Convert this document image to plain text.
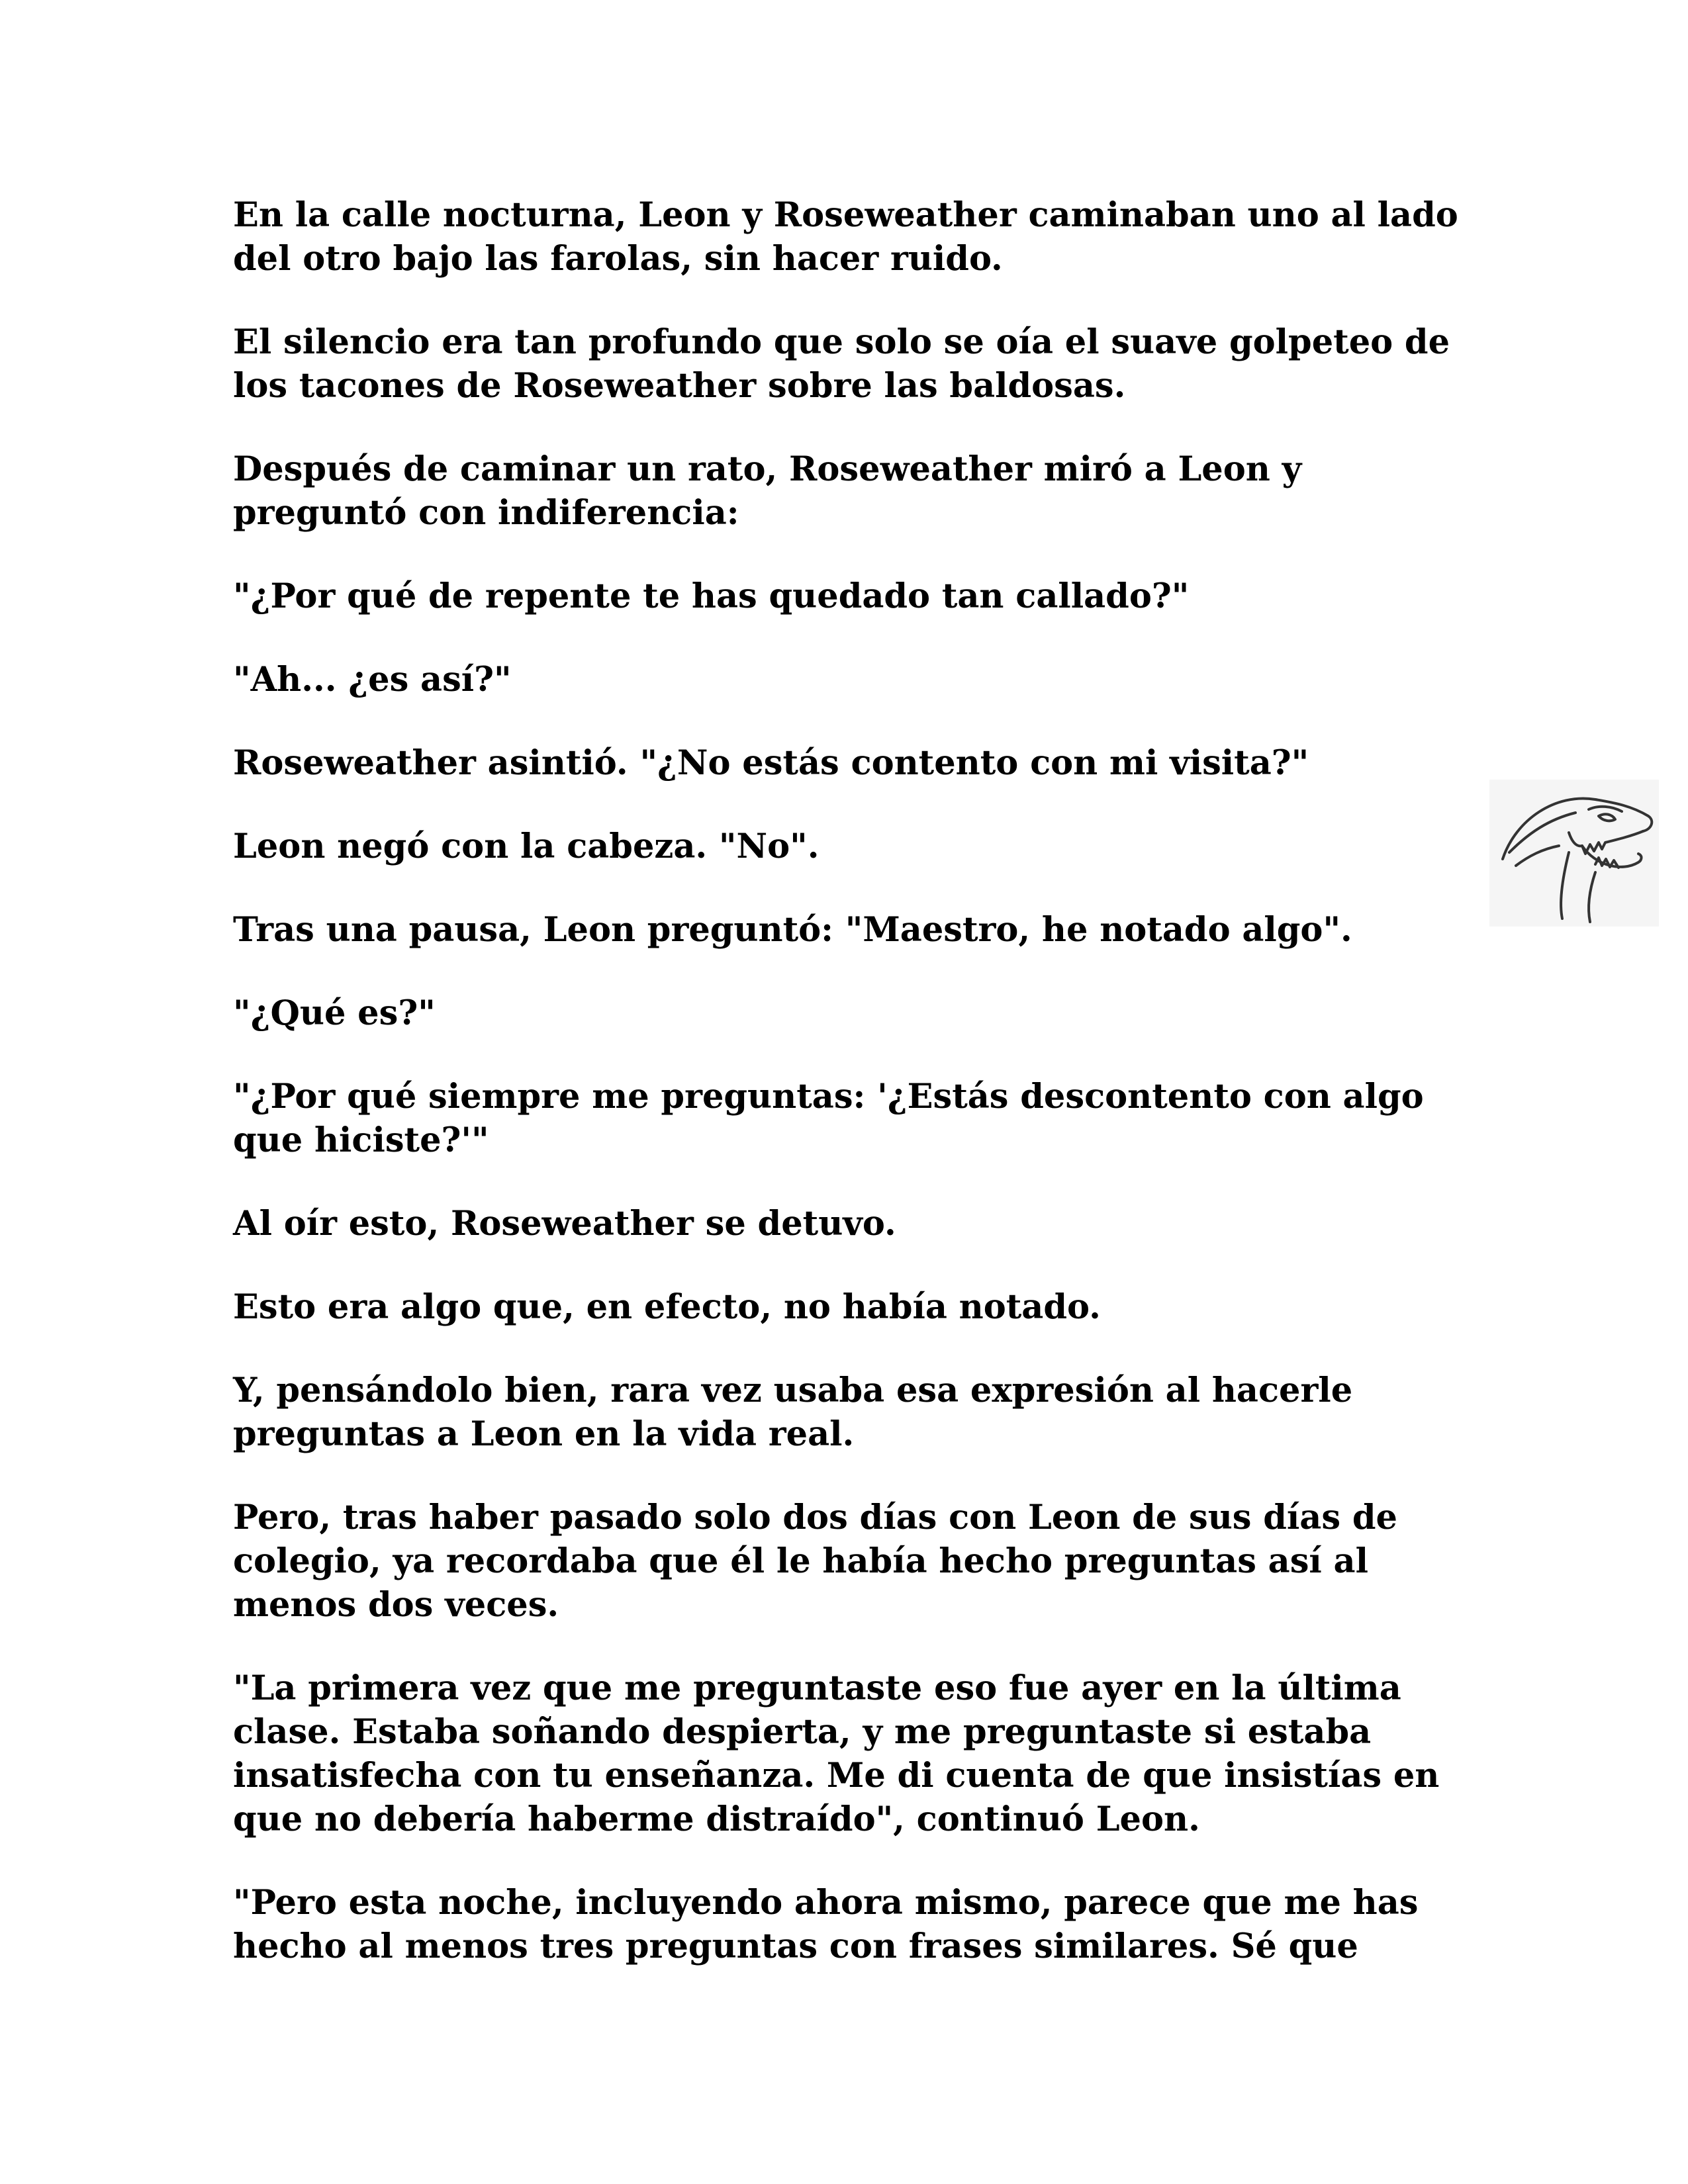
En la calle nocturna, Leon y Roseweather caminaban uno al lado del otro bajo las farolas, sin hacer ruido.

El silencio era tan profundo que solo se oía el suave golpeteo de los tacones de Roseweather sobre las baldosas.

Después de caminar un rato, Roseweather miró a Leon y preguntó con indiferencia:

"¿Por qué de repente te has quedado tan callado?"

"Ah... ¿es así?"

Roseweather asintió. "¿No estás contento con mi visita?"

Leon negó con la cabeza. "No".

Tras una pausa, Leon preguntó: "Maestro, he notado algo".

"¿Qué es?"

"¿Por qué siempre me preguntas: '¿Estás descontento con algo que hiciste?'"

Al oír esto, Roseweather se detuvo.

Esto era algo que, en efecto, no había notado.

Y, pensándolo bien, rara vez usaba esa expresión al hacerle preguntas a Leon en la vida real.

Pero, tras haber pasado solo dos días con Leon de sus días de colegio, ya recordaba que él le había hecho preguntas así al menos dos veces.

"La primera vez que me preguntaste eso fue ayer en la última clase. Estaba soñando despierta, y me preguntaste si estaba insatisfecha con tu enseñanza. Me di cuenta de que insistías en que no debería haberme distraído", continuó Leon.

"Pero esta noche, incluyendo ahora mismo, parece que me has hecho al menos tres preguntas con frases similares. Sé que
